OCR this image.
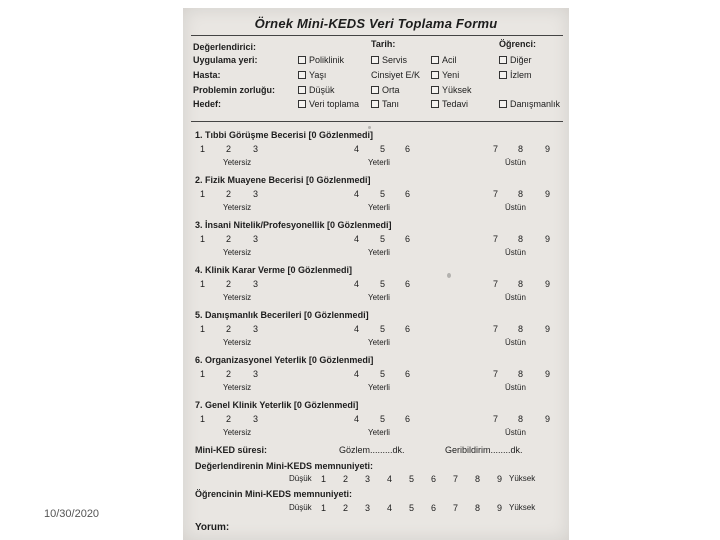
Örnek Mini-KEDS Veri Toplama Formu
Değerlendirici:	Tarih:	Öğrenci:
Uygulama yeri:	Poliklinik	Servis	Acil	Diğer
Hasta:	Yaşı	Cinsiyet E/K	Yeni	İzlem
Problemin zorluğu:	Düşük	Orta	Yüksek
Hedef:	Veri toplama	Tanı	Tedavi	Danışmanlık
1. Tıbbi Görüşme Becerisi [0 Gözlenmedi]
1 2 3	4 5 6	7 8 9
Yetersiz	Yeterli	Üstün
2. Fizik Muayene Becerisi [0 Gözlenmedi]
1 2 3	4 5 6	7 8 9
Yetersiz	Yeterli	Üstün
3. İnsani Nitelik/Profesyonellik [0 Gözlenmedi]
1 2 3	4 5 6	7 8 9
Yetersiz	Yeterli	Üstün
4. Klinik Karar Verme [0 Gözlenmedi]
1 2 3	4 5 6	7 8 9
Yetersiz	Yeterli	Üstün
5. Danışmanlık Becerileri [0 Gözlenmedi]
1 2 3	4 5 6	7 8 9
Yetersiz	Yeterli	Üstün
6. Organizasyonel Yeterlik [0 Gözlenmedi]
1 2 3	4 5 6	7 8 9
Yetersiz	Yeterli	Üstün
7. Genel Klinik Yeterlik [0 Gözlenmedi]
1 2 3	4 5 6	7 8 9
Yetersiz	Yeterli	Üstün
Mini-KED süresi:	Gözlem.........dk.	Geribildirim........dk.
Değerlendirenin Mini-KEDS memnuniyeti:
Düşük 1 2 3 4 5 6 7 8 9 Yüksek
Öğrencinin Mini-KEDS memnuniyeti:
Düşük 1 2 3 4 5 6 7 8 9 Yüksek
Yorum:
10/30/2020
